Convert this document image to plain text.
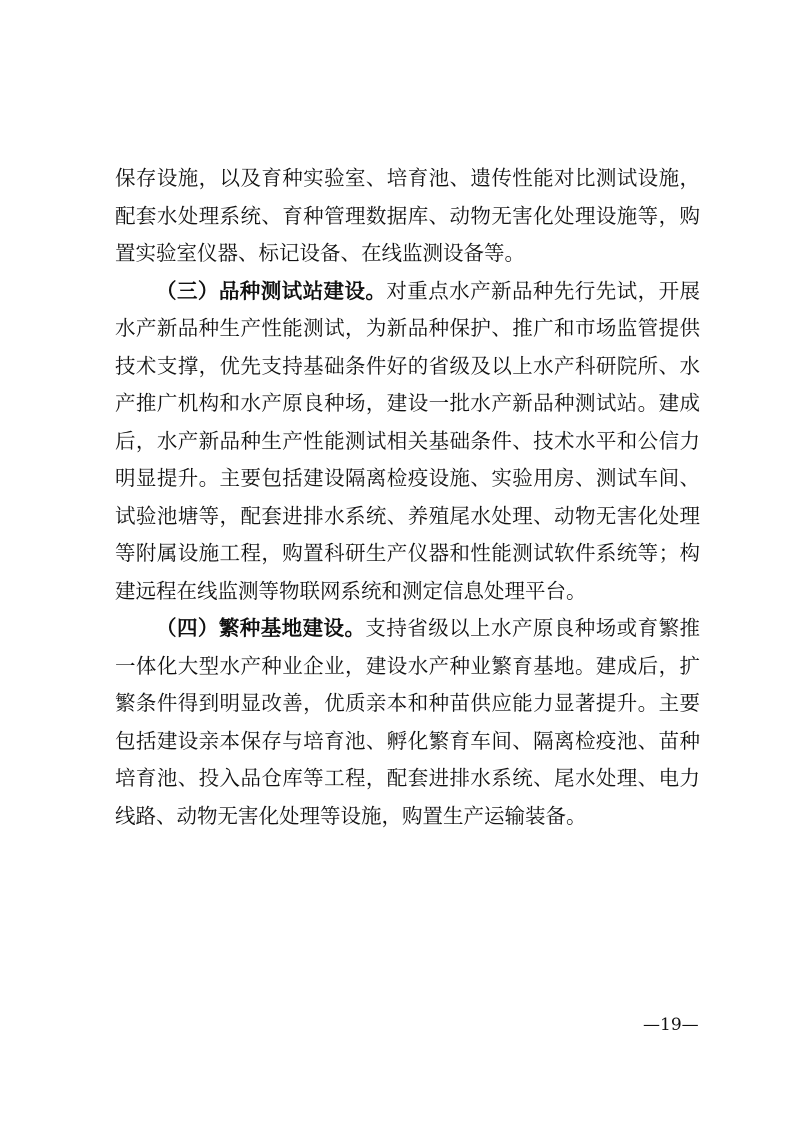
保存设施，以及育种实验室、培育池、遗传性能对比测试设施，
配套水处理系统、育种管理数据库、动物无害化处理设施等，购
置实验室仪器、标记设备、在线监测设备等。
（三）品种测试站建设。对重点水产新品种先行先试，开展
水产新品种生产性能测试，为新品种保护、推广和市场监管提供
技术支撑，优先支持基础条件好的省级及以上水产科研院所、水
产推广机构和水产原良种场，建设一批水产新品种测试站。建成
后，水产新品种生产性能测试相关基础条件、技术水平和公信力
明显提升。主要包括建设隔离检疫设施、实验用房、测试车间、
试验池塘等，配套进排水系统、养殖尾水处理、动物无害化处理
等附属设施工程，购置科研生产仪器和性能测试软件系统等；构
建远程在线监测等物联网系统和测定信息处理平台。
（四）繁种基地建设。支持省级以上水产原良种场或育繁推
一体化大型水产种业企业，建设水产种业繁育基地。建成后，扩
繁条件得到明显改善，优质亲本和种苗供应能力显著提升。主要
包括建设亲本保存与培育池、孵化繁育车间、隔离检疫池、苗种
培育池、投入品仓库等工程，配套进排水系统、尾水处理、电力
线路、动物无害化处理等设施，购置生产运输装备。
—19—
